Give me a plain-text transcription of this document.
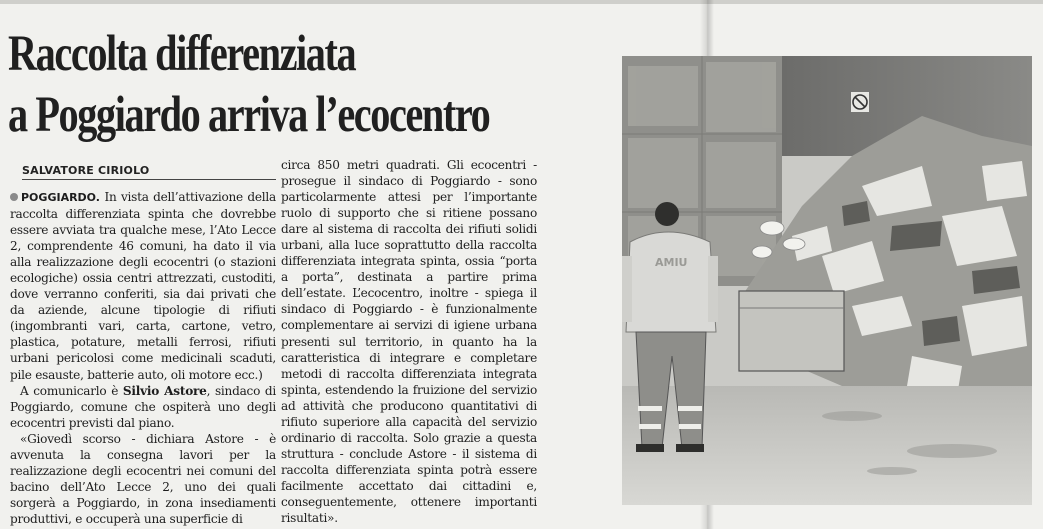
Raccolta differenziata
a Poggiardo arriva l’ecocentro
SALVATORE CIRIOLO

POGGIARDO. In vista dell’attivazione della raccolta differenziata spinta che dovrebbe essere avviata tra qualche mese, l’Ato Lecce 2, comprendente 46 comuni, ha dato il via alla realizzazione degli ecocentri (o stazioni ecologiche) ossia centri attrezzati, custoditi, dove verranno conferiti, sia dai privati che da aziende, alcune tipologie di rifiuti (ingombranti vari, carta, cartone, vetro, plastica, potature, metalli ferrosi, rifiuti urbani pericolosi come medicinali scaduti, pile esauste, batterie auto, oli motore ecc.)

A comunicarlo è Silvio Astore, sindaco di Poggiardo, comune che ospiterà uno degli ecocentri previsti dal piano.

«Giovedì scorso - dichiara Astore - è avvenuta la consegna lavori per la realizzazione degli ecocentri nei comuni del bacino dell’Ato Lecce 2, uno dei quali sorgerà a Poggiardo, in zona insediamenti produttivi, e occuperà una superficie di

circa 850 metri quadrati. Gli ecocentri - prosegue il sindaco di Poggiardo - sono particolarmente attesi per l’importante ruolo di supporto che si ritiene possano dare al sistema di raccolta dei rifiuti solidi urbani, alla luce soprattutto della raccolta differenziata integrata spinta, ossia “porta a porta”, destinata a partire prima dell’estate. L’ecocentro, inoltre - spiega il sindaco di Poggiardo - è funzionalmente complementare ai servizi di igiene urbana presenti sul territorio, in quanto ha la caratteristica di integrare e completare metodi di raccolta differenziata integrata spinta, estendendo la fruizione del servizio ad attività che producono quantitativi di rifiuto superiore alla capacità del servizio ordinario di raccolta. Solo grazie a questa struttura - conclude Astore - il sistema di raccolta differenziata spinta potrà essere facilmente accettato dai cittadini e, conseguentemente, ottenere importanti risultati».

AMIU
